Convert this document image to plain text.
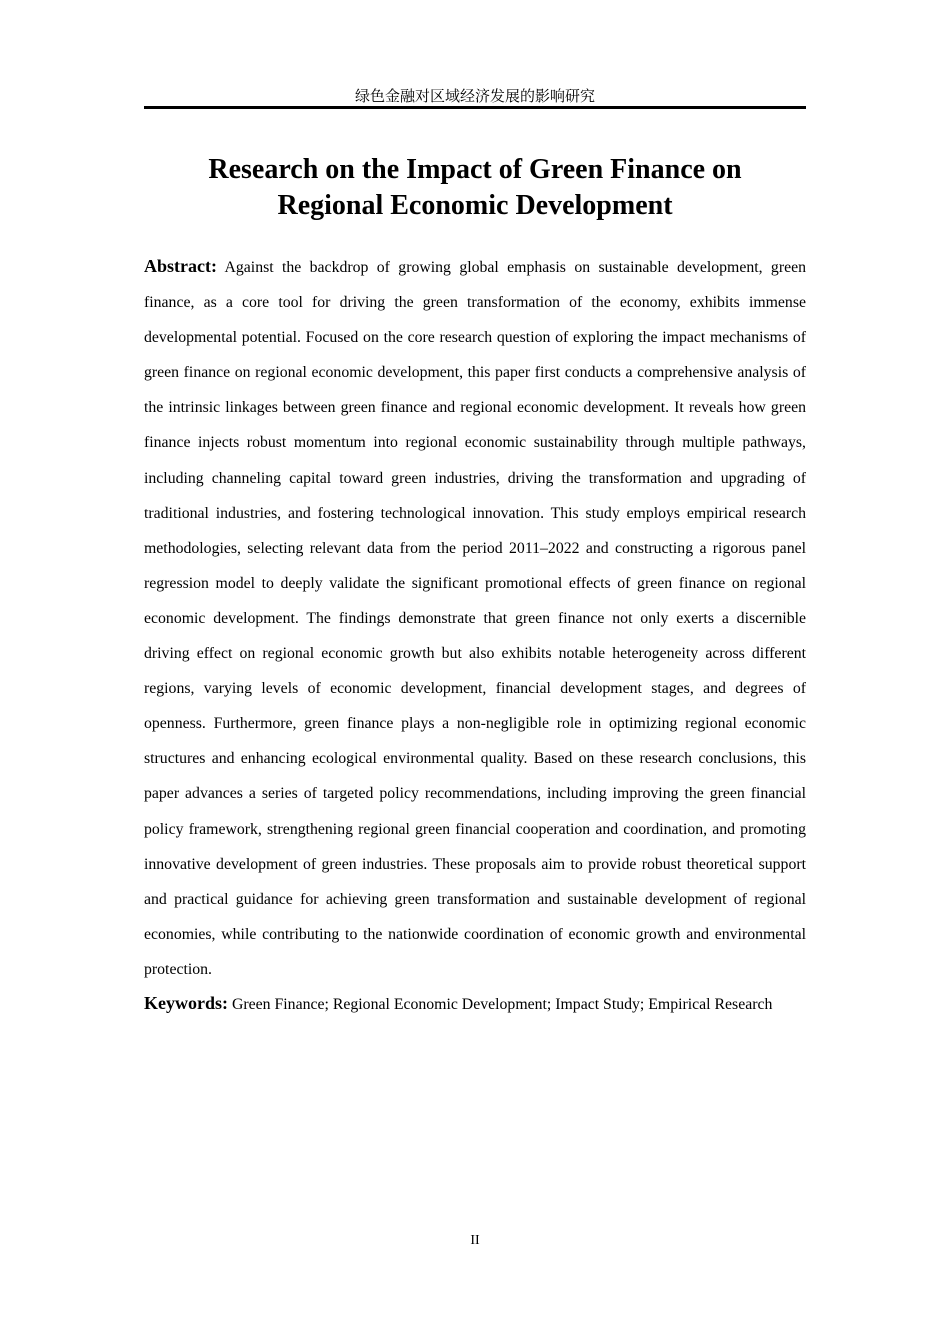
绿色金融对区域经济发展的影响研究
Research on the Impact of Green Finance on
Regional Economic Development

Abstract: Against the backdrop of growing global emphasis on sustainable development, green finance, as a core tool for driving the green transformation of the economy, exhibits immense developmental potential. Focused on the core research question of exploring the impact mechanisms of green finance on regional economic development, this paper first conducts a comprehensive analysis of the intrinsic linkages between green finance and regional economic development. It reveals how green finance injects robust momentum into regional economic sustainability through multiple pathways, including channeling capital toward green industries, driving the transformation and upgrading of traditional industries, and fostering technological innovation. This study employs empirical research methodologies, selecting relevant data from the period 2011–2022 and constructing a rigorous panel regression model to deeply validate the significant promotional effects of green finance on regional economic development. The findings demonstrate that green finance not only exerts a discernible driving effect on regional economic growth but also exhibits notable heterogeneity across different regions, varying levels of economic development, financial development stages, and degrees of openness. Furthermore, green finance plays a non-negligible role in optimizing regional economic structures and enhancing ecological environmental quality. Based on these research conclusions, this paper advances a series of targeted policy recommendations, including improving the green financial policy framework, strengthening regional green financial cooperation and coordination, and promoting innovative development of green industries. These proposals aim to provide robust theoretical support and practical guidance for achieving green transformation and sustainable development of regional economies, while contributing to the nationwide coordination of economic growth and environmental protection.

Keywords: Green Finance; Regional Economic Development; Impact Study; Empirical Research

II
